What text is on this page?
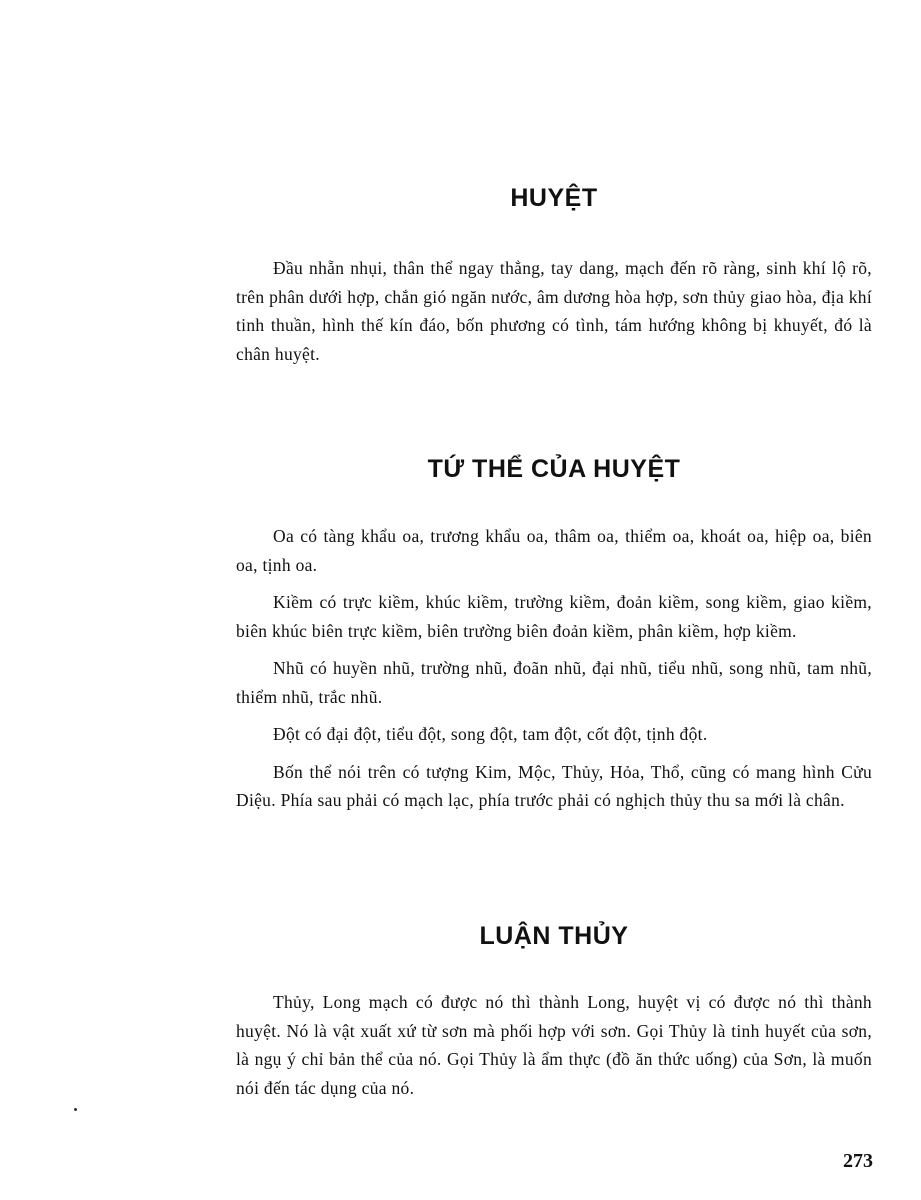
HUYỆT

Đầu nhẵn nhụi, thân thể ngay thẳng, tay dang, mạch đến rõ ràng, sinh khí lộ rõ, trên phân dưới hợp, chắn gió ngăn nước, âm dương hòa hợp, sơn thủy giao hòa, địa khí tinh thuần, hình thế kín đáo, bốn phương có tình, tám hướng không bị khuyết, đó là chân huyệt.

TỨ THỂ CỦA HUYỆT

Oa có tàng khẩu oa, trương khẩu oa, thâm oa, thiểm oa, khoát oa, hiệp oa, biên oa, tịnh oa.

Kiềm có trực kiềm, khúc kiềm, trường kiềm, đoản kiềm, song kiềm, giao kiềm, biên khúc biên trực kiềm, biên trường biên đoản kiềm, phân kiềm, hợp kiềm.

Nhũ có huyền nhũ, trường nhũ, đoãn nhũ, đại nhũ, tiểu nhũ, song nhũ, tam nhũ, thiểm nhũ, trắc nhũ.

Đột có đại đột, tiểu đột, song đột, tam đột, cốt đột, tịnh đột.

Bốn thể nói trên có tượng Kim, Mộc, Thủy, Hỏa, Thổ, cũng có mang hình Cửu Diệu. Phía sau phải có mạch lạc, phía trước phải có nghịch thủy thu sa mới là chân.

LUẬN THỦY

Thủy, Long mạch có được nó thì thành Long, huyệt vị có được nó thì thành huyệt. Nó là vật xuất xứ từ sơn mà phối hợp với sơn. Gọi Thủy là tinh huyết của sơn, là ngụ ý chỉ bản thể của nó. Gọi Thủy là ẩm thực (đồ ăn thức uống) của Sơn, là muốn nói đến tác dụng của nó.

273
